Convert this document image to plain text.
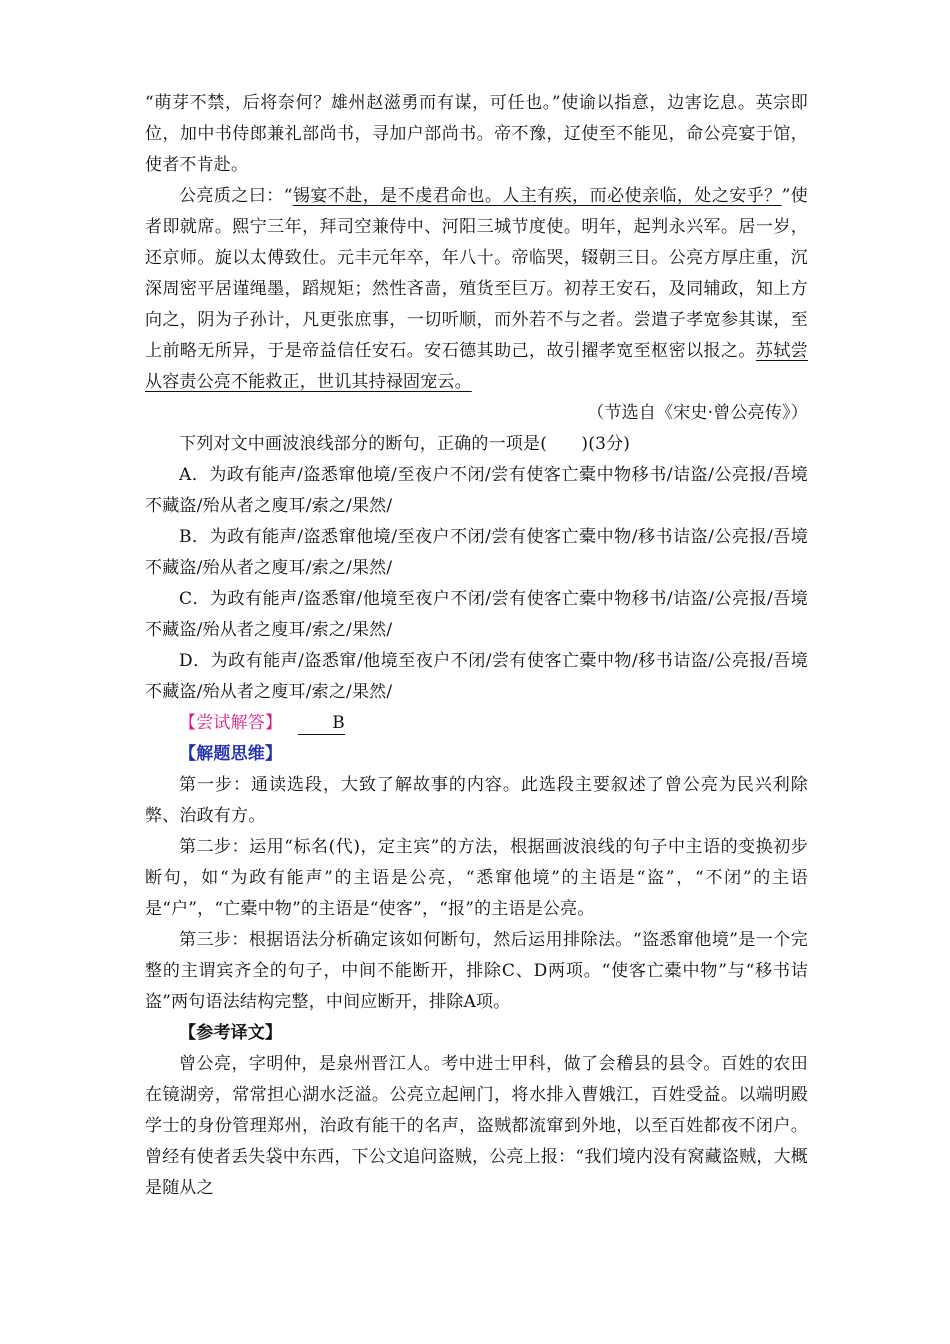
“萌芽不禁，后将奈何？雄州赵滋勇而有谋，可任也。”使谕以指意，边害讫息。英宗即位，加中书侍郎兼礼部尚书，寻加户部尚书。帝不豫，辽使至不能见，命公亮宴于馆，使者不肯赴。

公亮质之曰：“锡宴不赴，是不虔君命也。人主有疾，而必使亲临，处之安乎？”使者即就席。熙宁三年，拜司空兼侍中、河阳三城节度使。明年，起判永兴军。居一岁，还京师。旋以太傅致仕。元丰元年卒，年八十。帝临哭，辍朝三日。公亮方厚庄重，沉深周密平居谨绳墨，蹈规矩；然性吝啬，殖货至巨万。初荐王安石，及同辅政，知上方向之，阴为子孙计，凡更张庶事，一切听顺，而外若不与之者。尝遣子孝宽参其谋，至上前略无所异，于是帝益信任安石。安石德其助己，故引擢孝宽至枢密以报之。苏轼尝从容责公亮不能救正，世讥其持禄固宠云。

（节选自《宋史·曾公亮传》）

下列对文中画波浪线部分的断句，正确的一项是(　　)(3分)

A．为政有能声/盗悉窜他境/至夜户不闭/尝有使客亡橐中物移书/诘盗/公亮报/吾境不藏盗/殆从者之廋耳/索之/果然/

B．为政有能声/盗悉窜他境/至夜户不闭/尝有使客亡橐中物/移书诘盗/公亮报/吾境不藏盗/殆从者之廋耳/索之/果然/

C．为政有能声/盗悉窜/他境至夜户不闭/尝有使客亡橐中物移书/诘盗/公亮报/吾境不藏盗/殆从者之廋耳/索之/果然/

D．为政有能声/盗悉窜/他境至夜户不闭/尝有使客亡橐中物/移书诘盗/公亮报/吾境不藏盗/殆从者之廋耳/索之/果然/

【尝试解答】	B

【解题思维】

第一步：通读选段，大致了解故事的内容。此选段主要叙述了曾公亮为民兴利除弊、治政有方。

第二步：运用“标名(代)，定主宾”的方法，根据画波浪线的句子中主语的变换初步断句，如“为政有能声”的主语是公亮，“悉窜他境”的主语是“盗”，“不闭”的主语是“户”，“亡橐中物”的主语是“使客”，“报”的主语是公亮。

第三步：根据语法分析确定该如何断句，然后运用排除法。“盗悉窜他境”是一个完整的主谓宾齐全的句子，中间不能断开，排除C、D两项。“使客亡橐中物”与“移书诘盗”两句语法结构完整，中间应断开，排除A项。

【参考译文】

曾公亮，字明仲，是泉州晋江人。考中进士甲科，做了会稽县的县令。百姓的农田在镜湖旁，常常担心湖水泛溢。公亮立起闸门，将水排入曹娥江，百姓受益。以端明殿学士的身份管理郑州，治政有能干的名声，盗贼都流窜到外地，以至百姓都夜不闭户。曾经有使者丢失袋中东西，下公文追问盗贼，公亮上报：“我们境内没有窝藏盗贼，大概是随从之
